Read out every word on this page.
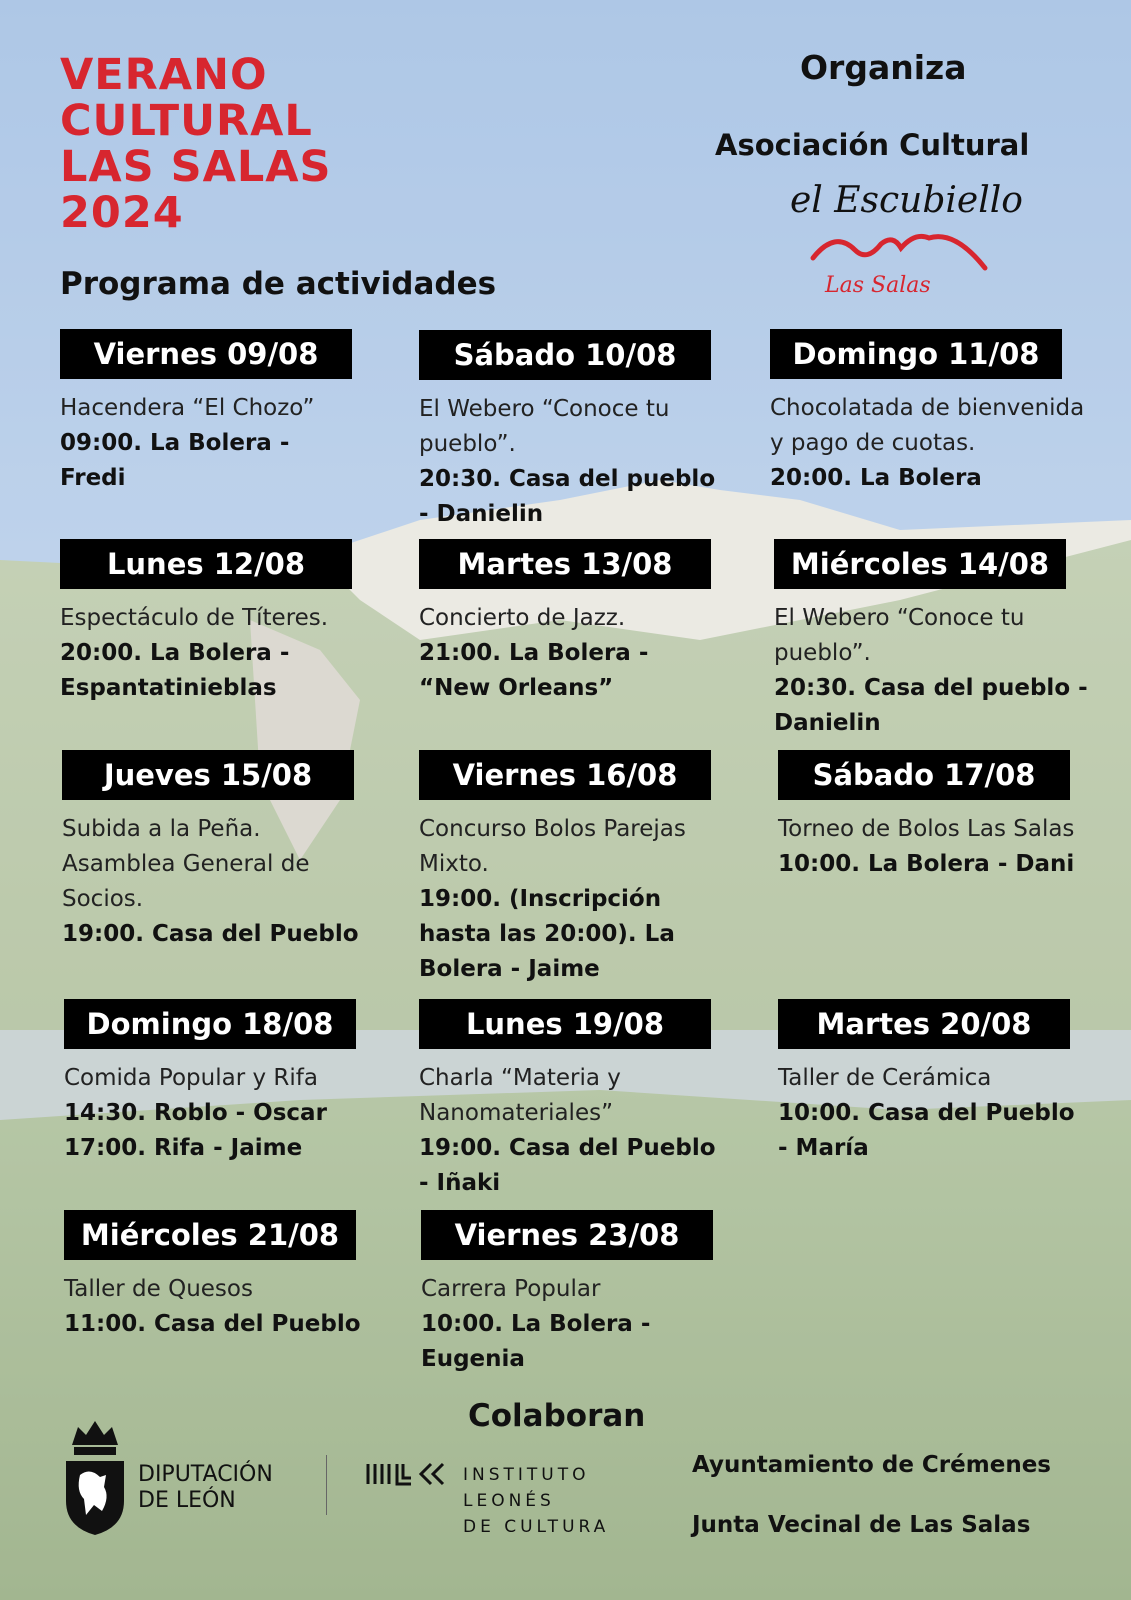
VERANO
CULTURAL
LAS SALAS
2024
Programa de actividades
Organiza
Asociación Cultural
el Escubiello
Las Salas
Viernes 09/08
Hacendera “El Chozo”
09:00. La Bolera - Fredi
Sábado 10/08
El Webero “Conoce tu pueblo”.
20:30. Casa del pueblo - Danielin
Domingo 11/08
Chocolatada de bienvenida y pago de cuotas.
20:00. La Bolera
Lunes 12/08
Espectáculo de Títeres.
20:00. La Bolera - Espantatinieblas
Martes 13/08
Concierto de Jazz.
21:00. La Bolera - “New Orleans”
Miércoles 14/08
El Webero “Conoce tu pueblo”.
20:30. Casa del pueblo - Danielin
Jueves 15/08
Subida a la Peña. Asamblea General de Socios.
19:00. Casa del Pueblo
Viernes 16/08
Concurso Bolos Parejas Mixto.
19:00. (Inscripción hasta las 20:00). La Bolera - Jaime
Sábado 17/08
Torneo de Bolos Las Salas
10:00. La Bolera - Dani
Domingo 18/08
Comida Popular y Rifa
14:30. Roblo - Oscar
17:00. Rifa - Jaime
Lunes 19/08
Charla “Materia y Nanomateriales”
19:00. Casa del Pueblo - Iñaki
Martes 20/08
Taller de Cerámica
10:00. Casa del Pueblo - María
Miércoles 21/08
Taller de Quesos
11:00. Casa del Pueblo
Viernes 23/08
Carrera Popular
10:00. La Bolera - Eugenia
Colaboran
DIPUTACIÓN
DE LEÓN
INSTITUTO
LEONÉS
DE CULTURA
Ayuntamiento de Crémenes
Junta Vecinal de Las Salas
